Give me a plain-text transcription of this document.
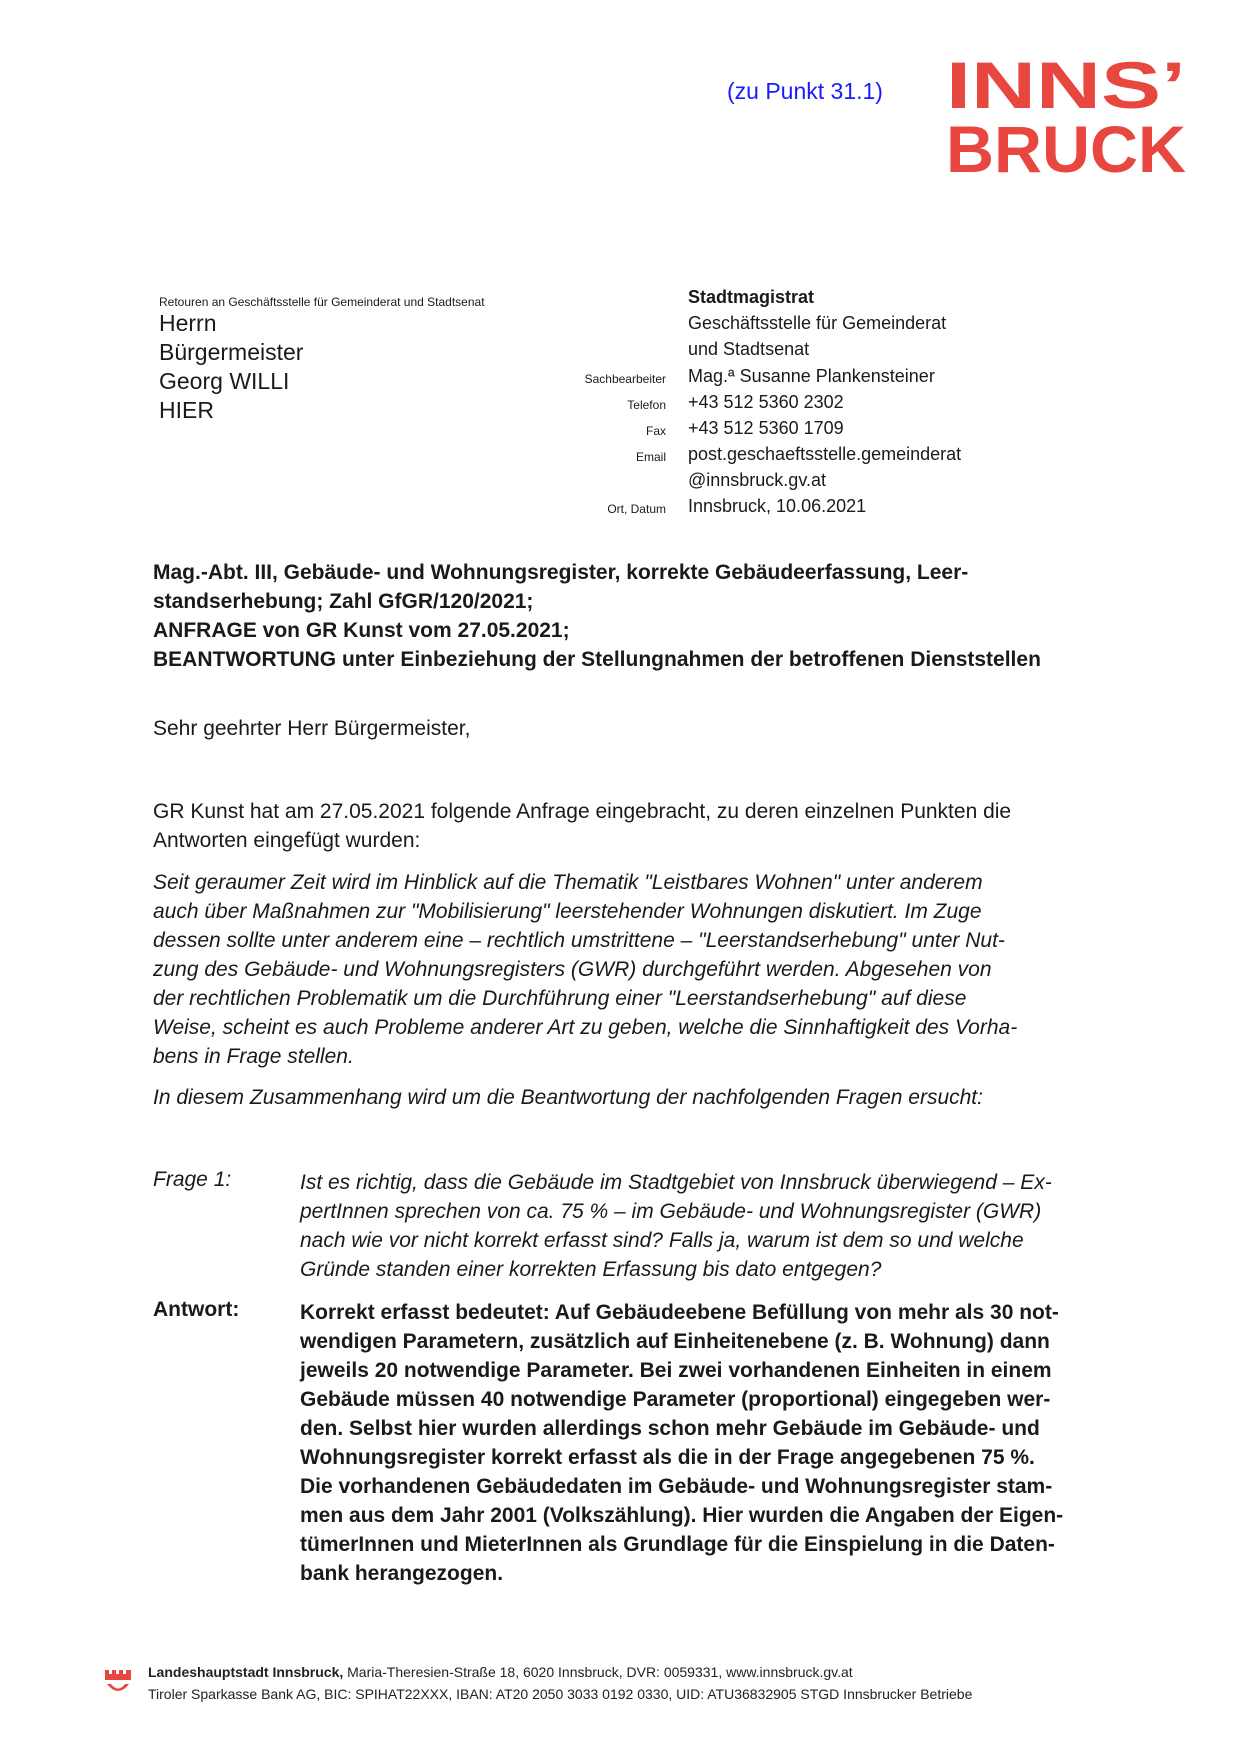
(zu Punkt 31.1) INNS’
BRUCK
Retouren an Geschäftsstelle für Gemeinderat und Stadtsenat
Herrn
Bürgermeister
Georg WILLI
HIER
Stadtmagistrat
Geschäftsstelle für Gemeinderat
und Stadtsenat
Sachbearbeiter Mag.ª Susanne Plankensteiner
Telefon +43 512 5360 2302
Fax +43 512 5360 1709
Email post.geschaeftsstelle.gemeinderat
@innsbruck.gv.at
Ort, Datum Innsbruck, 10.06.2021
Mag.-Abt. III, Gebäude- und Wohnungsregister, korrekte Gebäudeerfassung, Leer-
standserhebung; Zahl GfGR/120/2021;
ANFRAGE von GR Kunst vom 27.05.2021;
BEANTWORTUNG unter Einbeziehung der Stellungnahmen der betroffenen Dienststellen
Sehr geehrter Herr Bürgermeister,
GR Kunst hat am 27.05.2021 folgende Anfrage eingebracht, zu deren einzelnen Punkten die
Antworten eingefügt wurden:

Seit geraumer Zeit wird im Hinblick auf die Thematik "Leistbares Wohnen" unter anderem
auch über Maßnahmen zur "Mobilisierung" leerstehender Wohnungen diskutiert. Im Zuge
dessen sollte unter anderem eine – rechtlich umstrittene – "Leerstandserhebung" unter Nut-
zung des Gebäude- und Wohnungsregisters (GWR) durchgeführt werden. Abgesehen von
der rechtlichen Problematik um die Durchführung einer "Leerstandserhebung" auf diese
Weise, scheint es auch Probleme anderer Art zu geben, welche die Sinnhaftigkeit des Vorha-
bens in Frage stellen.

In diesem Zusammenhang wird um die Beantwortung der nachfolgenden Fragen ersucht:

Frage 1:	Ist es richtig, dass die Gebäude im Stadtgebiet von Innsbruck überwiegend – Ex-
pertInnen sprechen von ca. 75 % – im Gebäude- und Wohnungsregister (GWR)
nach wie vor nicht korrekt erfasst sind? Falls ja, warum ist dem so und welche
Gründe standen einer korrekten Erfassung bis dato entgegen?
Antwort:	Korrekt erfasst bedeutet: Auf Gebäudeebene Befüllung von mehr als 30 not-
wendigen Parametern, zusätzlich auf Einheitenebene (z. B. Wohnung) dann
jeweils 20 notwendige Parameter. Bei zwei vorhandenen Einheiten in einem
Gebäude müssen 40 notwendige Parameter (proportional) eingegeben wer-
den. Selbst hier wurden allerdings schon mehr Gebäude im Gebäude- und
Wohnungsregister korrekt erfasst als die in der Frage angegebenen 75 %.
Die vorhandenen Gebäudedaten im Gebäude- und Wohnungsregister stam-
men aus dem Jahr 2001 (Volkszählung). Hier wurden die Angaben der Eigen-
tümerInnen und MieterInnen als Grundlage für die Einspielung in die Daten-
bank herangezogen.
Landeshauptstadt Innsbruck, Maria-Theresien-Straße 18, 6020 Innsbruck, DVR: 0059331, www.innsbruck.gv.at
Tiroler Sparkasse Bank AG, BIC: SPIHAT22XXX, IBAN: AT20 2050 3033 0192 0330, UID: ATU36832905 STGD Innsbrucker Betriebe
